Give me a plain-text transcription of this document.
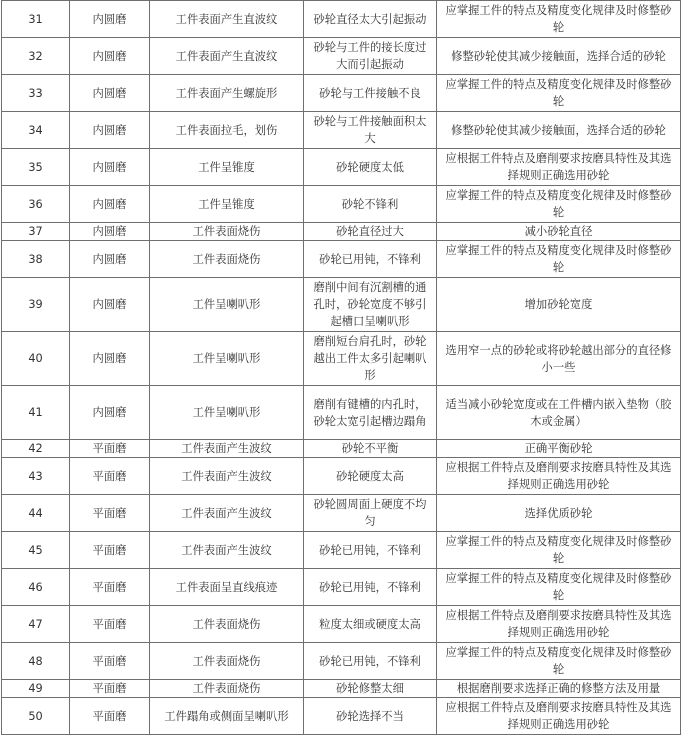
31	内圆磨	工件表面产生直波纹	砂轮直径太大引起振动	应掌握工件的特点及精度变化规律及时修整砂轮
32	内圆磨	工件表面产生直波纹	砂轮与工件的接长度过大而引起振动	修整砂轮使其减少接触面，选择合适的砂轮
33	内圆磨	工件表面产生螺旋形	砂轮与工件接触不良	应掌握工件的特点及精度变化规律及时修整砂轮
34	内圆磨	工件表面拉毛，划伤	砂轮与工件接触面积太大	修整砂轮使其减少接触面，选择合适的砂轮
35	内圆磨	工件呈锥度	砂轮硬度太低	应根据工件特点及磨削要求按磨具特性及其选择规则正确选用砂轮
36	内圆磨	工件呈锥度	砂轮不锋利	应掌握工件的特点及精度变化规律及时修整砂轮
37	内圆磨	工件表面烧伤	砂轮直径过大	减小砂轮直径
38	内圆磨	工件表面烧伤	砂轮已用钝，不锋利	应掌握工件的特点及精度变化规律及时修整砂轮
39	内圆磨	工件呈喇叭形	磨削中间有沉割槽的通孔时，砂轮宽度不够引起槽口呈喇叭形	增加砂轮宽度
40	内圆磨	工件呈喇叭形	磨削短台肩孔时，砂轮越出工件太多引起喇叭形	选用窄一点的砂轮或将砂轮越出部分的直径修小一些
41	内圆磨	工件呈喇叭形	磨削有键槽的内孔时，砂轮太宽引起槽边蹋角	适当减小砂轮宽度或在工件槽内嵌入垫物（胶木或金属）
42	平面磨	工件表面产生波纹	砂轮不平衡	正确平衡砂轮
43	平面磨	工件表面产生波纹	砂轮硬度太高	应根据工件特点及磨削要求按磨具特性及其选择规则正确选用砂轮
44	平面磨	工件表面产生波纹	砂轮圆周面上硬度不均匀	选择优质砂轮
45	平面磨	工件表面产生波纹	砂轮已用钝，不锋利	应掌握工件的特点及精度变化规律及时修整砂轮
46	平面磨	工件表面呈直线痕迹	砂轮已用钝，不锋利	应掌握工件的特点及精度变化规律及时修整砂轮
47	平面磨	工件表面烧伤	粒度太细或硬度太高	应根据工件特点及磨削要求按磨具特性及其选择规则正确选用砂轮
48	平面磨	工件表面烧伤	砂轮已用钝，不锋利	应掌握工件的特点及精度变化规律及时修整砂轮
49	平面磨	工件表面烧伤	砂轮修整太细	根据磨削要求选择正确的修整方法及用量
50	平面磨	工件蹋角或侧面呈喇叭形	砂轮选择不当	应根据工件特点及磨削要求按磨具特性及其选择规则正确选用砂轮
